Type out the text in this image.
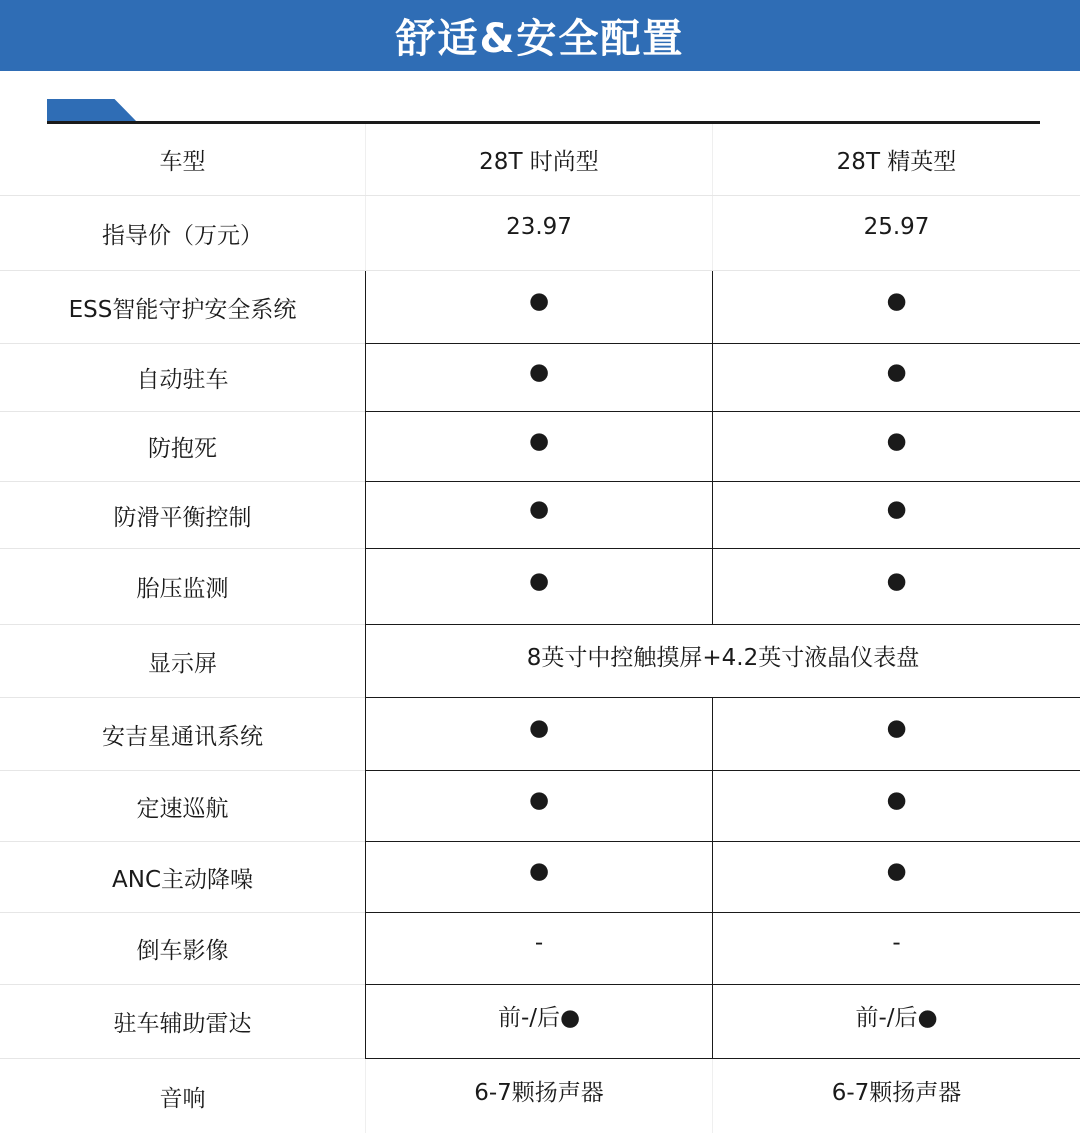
舒适&安全配置
车型	28T 时尚型	28T 精英型
指导价（万元）	23.97	25.97
ESS智能守护安全系统	●	●
自动驻车	●	●
防抱死	●	●
防滑平衡控制	●	●
胎压监测	●	●
显示屏	8英寸中控触摸屏+4.2英寸液晶仪表盘
安吉星通讯系统	●	●
定速巡航	●	●
ANC主动降噪	●	●
倒车影像	-	-
驻车辅助雷达	前-/后●	前-/后●
音响	6-7颗扬声器	6-7颗扬声器
